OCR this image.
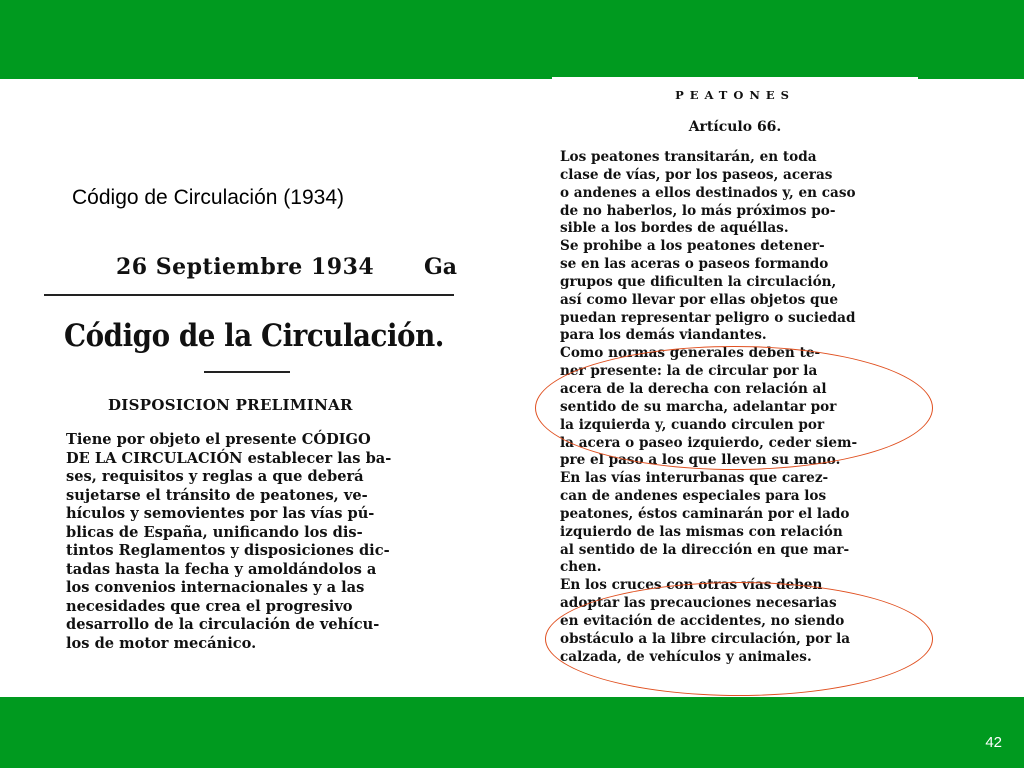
Código de Circulación (1934)
26 Septiembre 1934 Ga
Código de la Circulación.
DISPOSICION PRELIMINAR
Tiene por objeto el presente CÓDIGO
DE LA CIRCULACIÓN establecer las ba-
ses, requisitos y reglas a que deberá
sujetarse el tránsito de peatones, ve-
hículos y semovientes por las vías pú-
blicas de España, unificando los dis-
tintos Reglamentos y disposiciones dic-
tadas hasta la fecha y amoldándolos a
los convenios internacionales y a las
necesidades que crea el progresivo
desarrollo de la circulación de vehícu-
los de motor mecánico.
PEATONES
Artículo 66.
Los peatones transitarán, en toda
clase de vías, por los paseos, aceras
o andenes a ellos destinados y, en caso
de no haberlos, lo más próximos po-
sible a los bordes de aquéllas.
Se prohibe a los peatones detener-
se en las aceras o paseos formando
grupos que dificulten la circulación,
así como llevar por ellas objetos que
puedan representar peligro o suciedad
para los demás viandantes.
Como normas generales deben te-
ner presente: la de circular por la
acera de la derecha con relación al
sentido de su marcha, adelantar por
la izquierda y, cuando circulen por
la acera o paseo izquierdo, ceder siem-
pre el paso a los que lleven su mano.
En las vías interurbanas que carez-
can de andenes especiales para los
peatones, éstos caminarán por el lado
izquierdo de las mismas con relación
al sentido de la dirección en que mar-
chen.
En los cruces con otras vías deben
adoptar las precauciones necesarias
en evitación de accidentes, no siendo
obstáculo a la libre circulación, por la
calzada, de vehículos y animales.
42
